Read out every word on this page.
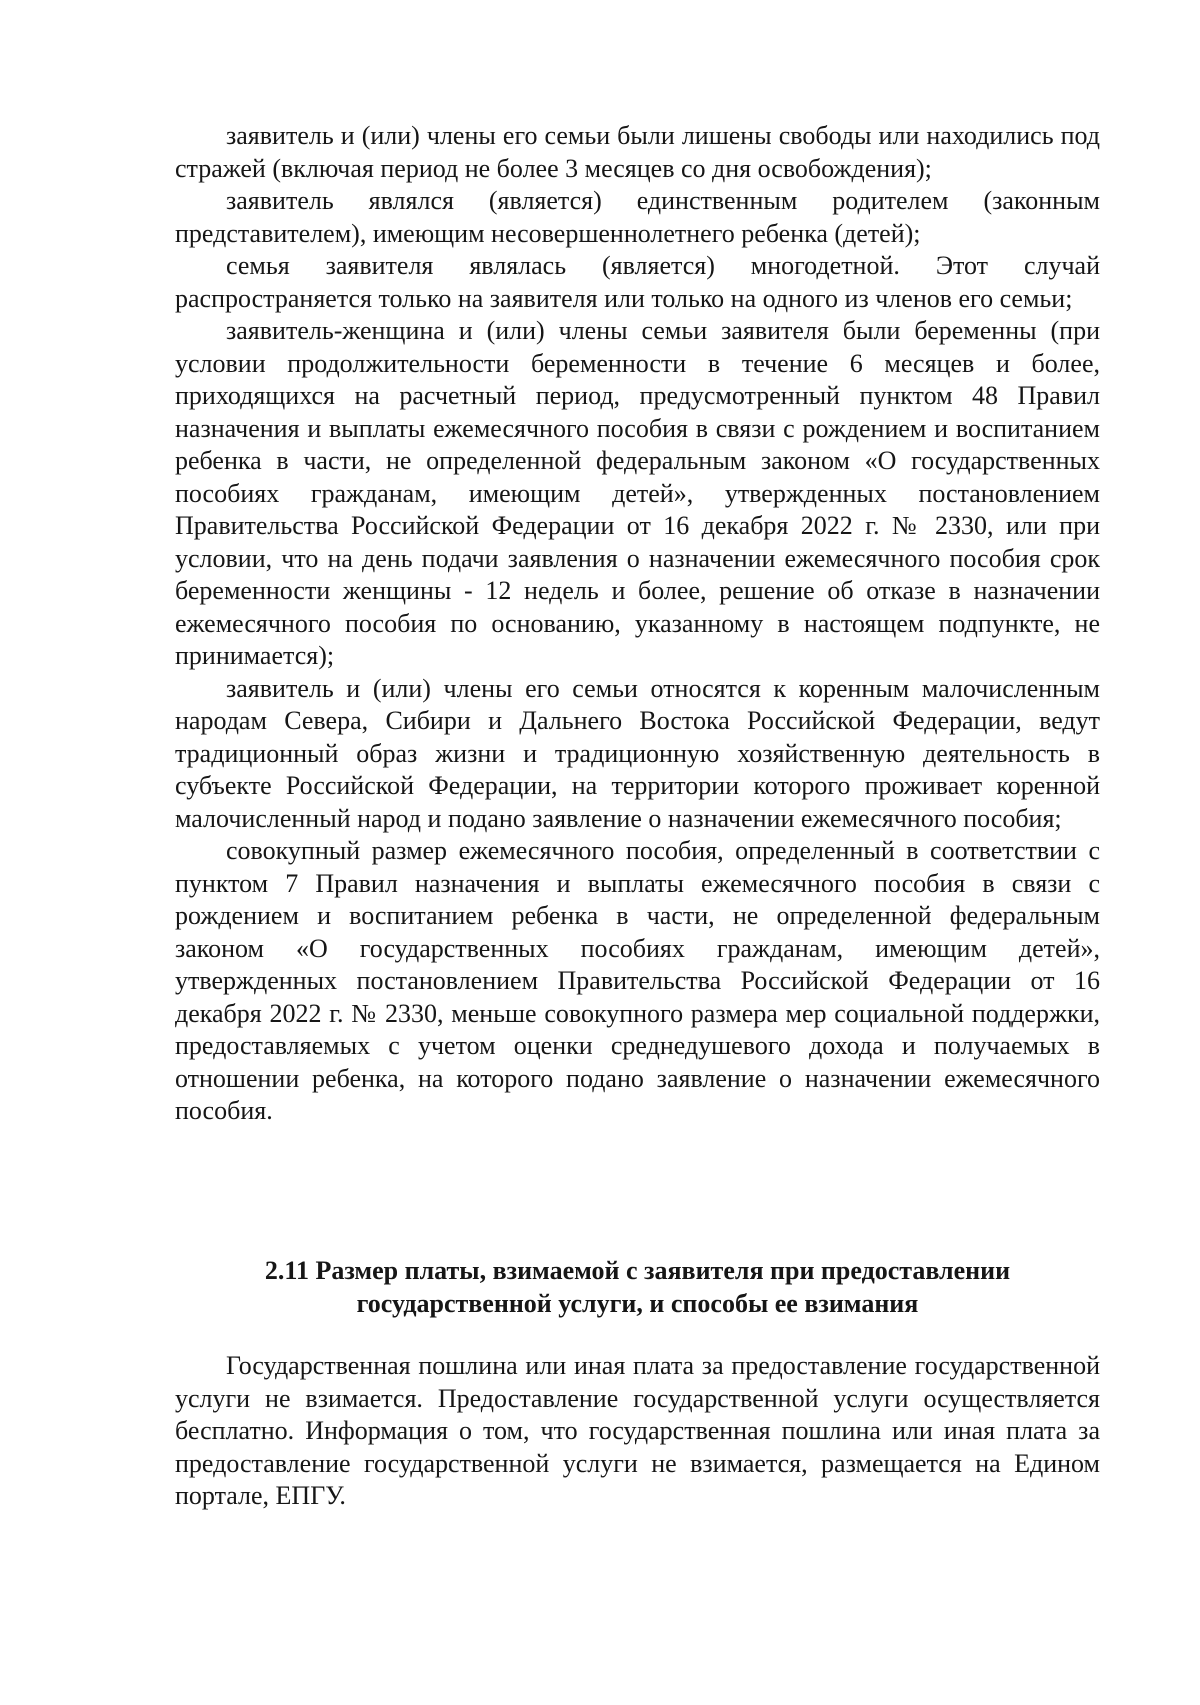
заявитель и (или) члены его семьи были лишены свободы или находились под стражей (включая период не более 3 месяцев со дня освобождения);

заявитель являлся (является) единственным родителем (законным представителем), имеющим несовершеннолетнего ребенка (детей);

семья заявителя являлась (является) многодетной. Этот случай распространяется только на заявителя или только на одного из членов его семьи;

заявитель-женщина и (или) члены семьи заявителя были беременны (при условии продолжительности беременности в течение 6 месяцев и более, приходящихся на расчетный период, предусмотренный пунктом 48 Правил назначения и выплаты ежемесячного пособия в связи с рождением и воспитанием ребенка в части, не определенной федеральным законом «О государственных пособиях гражданам, имеющим детей», утвержденных постановлением Правительства Российской Федерации от 16 декабря 2022 г. № 2330, или при условии, что на день подачи заявления о назначении ежемесячного пособия срок беременности женщины - 12 недель и более, решение об отказе в назначении ежемесячного пособия по основанию, указанному в настоящем подпункте, не принимается);

заявитель и (или) члены его семьи относятся к коренным малочисленным народам Севера, Сибири и Дальнего Востока Российской Федерации, ведут традиционный образ жизни и традиционную хозяйственную деятельность в субъекте Российской Федерации, на территории которого проживает коренной малочисленный народ и подано заявление о назначении ежемесячного пособия;

совокупный размер ежемесячного пособия, определенный в соответствии с пунктом 7 Правил назначения и выплаты ежемесячного пособия в связи с рождением и воспитанием ребенка в части, не определенной федеральным законом «О государственных пособиях гражданам, имеющим детей», утвержденных постановлением Правительства Российской Федерации от 16 декабря 2022 г. № 2330, меньше совокупного размера мер социальной поддержки, предоставляемых с учетом оценки среднедушевого дохода и получаемых в отношении ребенка, на которого подано заявление о назначении ежемесячного пособия.

2.11 Размер платы, взимаемой с заявителя при предоставлении
государственной услуги, и способы ее взимания

Государственная пошлина или иная плата за предоставление государственной услуги не взимается. Предоставление государственной услуги осуществляется бесплатно. Информация о том, что государственная пошлина или иная плата за предоставление государственной услуги не взимается, размещается на Едином портале, ЕПГУ.
